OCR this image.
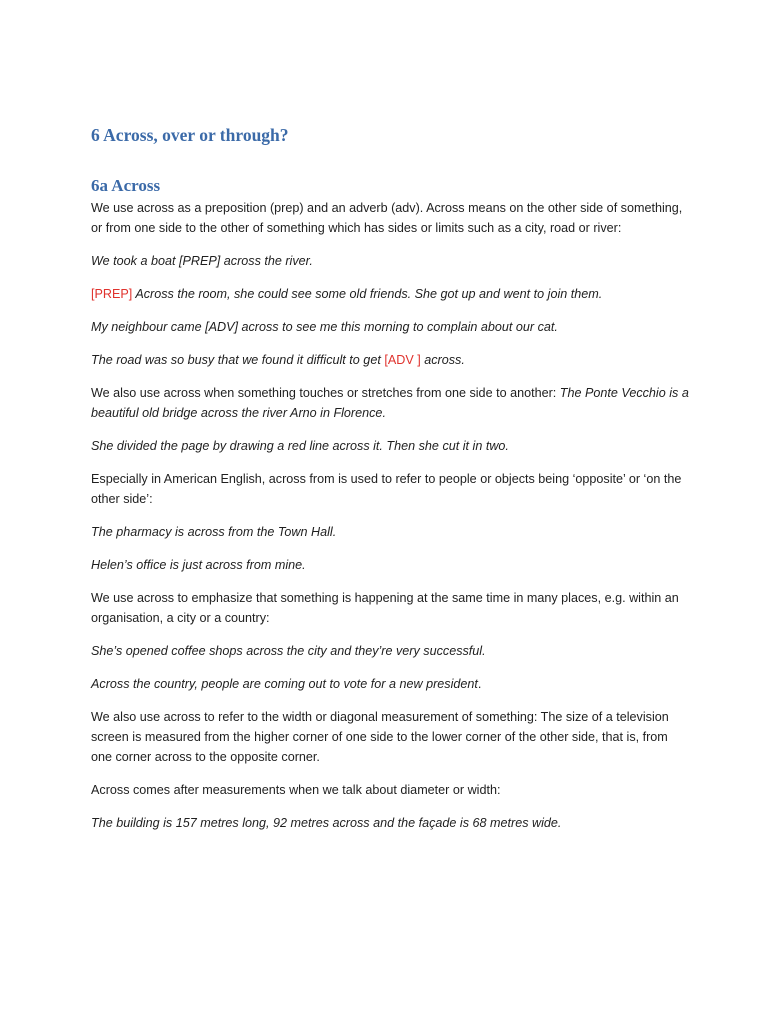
6 Across, over or through?
6a Across

We use across as a preposition (prep) and an adverb (adv). Across means on the other side of something, or from one side to the other of something which has sides or limits such as a city, road or river:

We took a boat [PREP] across the river.

[PREP] Across the room, she could see some old friends. She got up and went to join them.

My neighbour came [ADV] across to see me this morning to complain about our cat.

The road was so busy that we found it difficult to get [ADV ] across.

We also use across when something touches or stretches from one side to another: The Ponte Vecchio is a beautiful old bridge across the river Arno in Florence.

She divided the page by drawing a red line across it. Then she cut it in two.

Especially in American English, across from is used to refer to people or objects being ‘opposite’ or ‘on the other side’:

The pharmacy is across from the Town Hall.

Helen’s office is just across from mine.

We use across to emphasize that something is happening at the same time in many places, e.g. within an organisation, a city or a country:

She’s opened coffee shops across the city and they’re very successful.

Across the country, people are coming out to vote for a new president.

We also use across to refer to the width or diagonal measurement of something: The size of a television screen is measured from the higher corner of one side to the lower corner of the other side, that is, from one corner across to the opposite corner.

Across comes after measurements when we talk about diameter or width:

The building is 157 metres long, 92 metres across and the façade is 68 metres wide.
